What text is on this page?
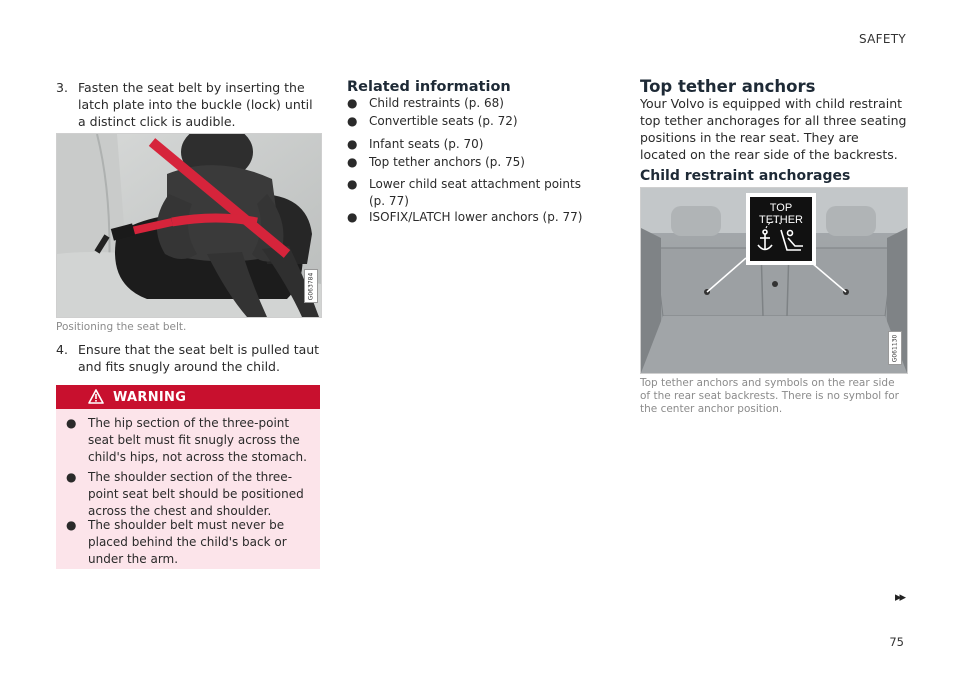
SAFETY
3. Fasten the seat belt by inserting the latch plate into the buckle (lock) until a distinct click is audible.
G063784
Positioning the seat belt.
4. Ensure that the seat belt is pulled taut and fits snugly around the child.
WARNING
● The hip section of the three-point seat belt must fit snugly across the child's hips, not across the stomach.
● The shoulder section of the three-point seat belt should be positioned across the chest and shoulder.
● The shoulder belt must never be placed behind the child's back or under the arm.
Related information
● Child restraints (p. 68)
● Convertible seats (p. 72)
● Infant seats (p. 70)
● Top tether anchors (p. 75)
● Lower child seat attachment points (p. 77)
● ISOFIX/LATCH lower anchors (p. 77)
Top tether anchors
Your Volvo is equipped with child restraint top tether anchorages for all three seating positions in the rear seat. They are located on the rear side of the backrests.
Child restraint anchorages
TOP
TETHER
G061130
Top tether anchors and symbols on the rear side of the rear seat backrests. There is no symbol for the center anchor position.
▸▸
75
